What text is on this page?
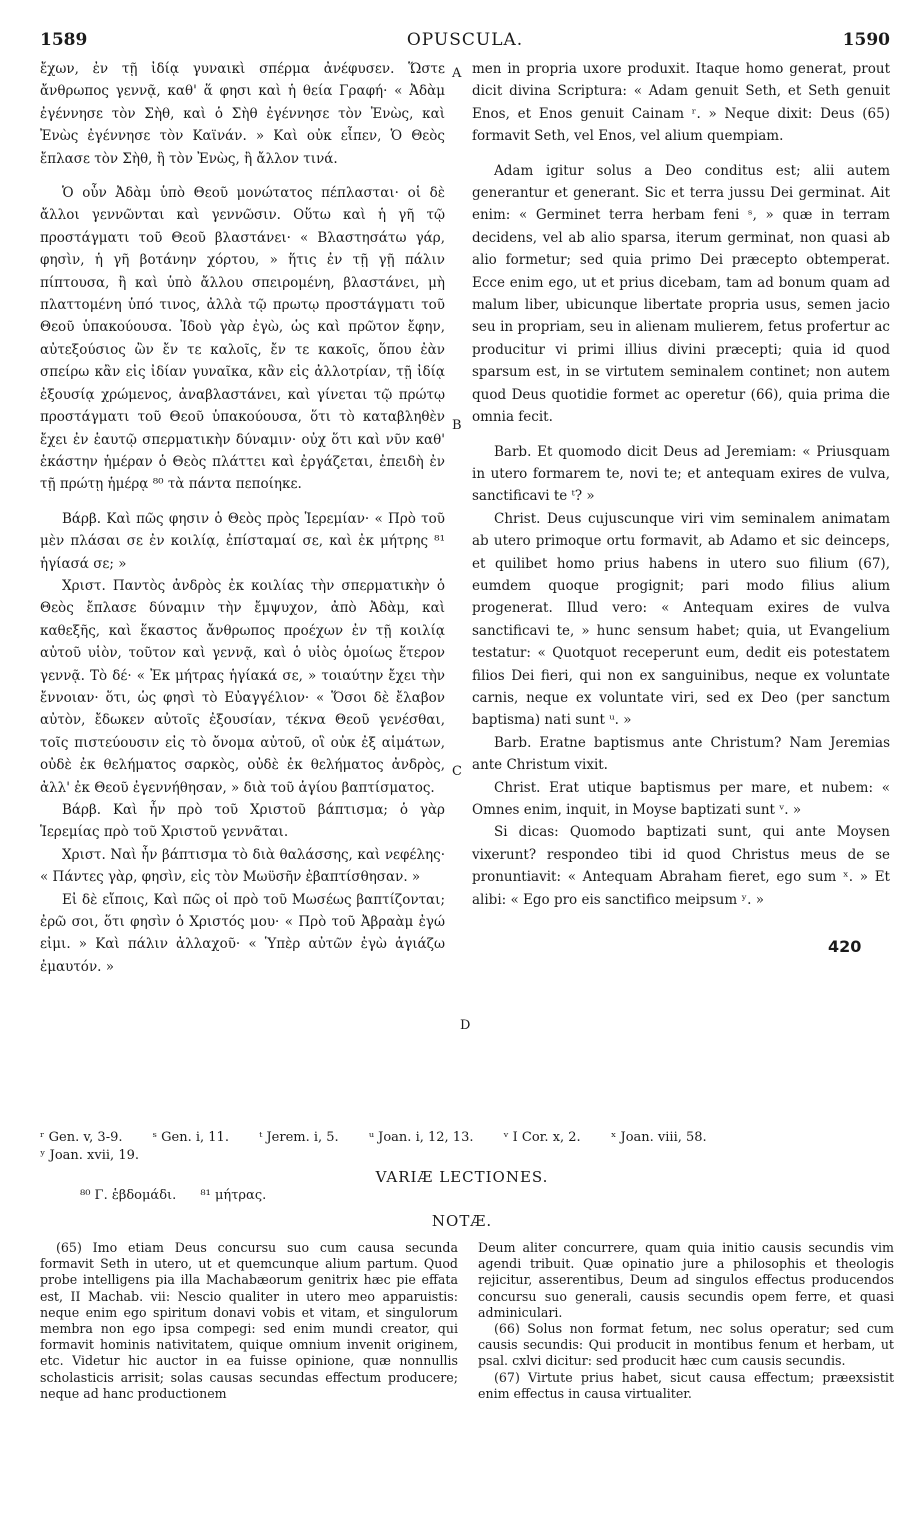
1589	OPUSCULA.	1590

ἔχων, ἐν τῇ ἰδίᾳ γυναικὶ σπέρμα ἀνέφυσεν. Ὥστε ἄνθρωπος γεννᾷ, καθ' ἅ φησι καὶ ἡ θεία Γραφή· « Ἀδὰμ ἐγέννησε τὸν Σὴθ, καὶ ὁ Σὴθ ἐγέννησε τὸν Ἐνὼς, καὶ Ἐνὼς ἐγέννησε τὸν Καϊνάν. » Καὶ οὐκ εἶπεν, Ὁ Θεὸς ἔπλασε τὸν Σὴθ, ἢ τὸν Ἐνὼς, ἢ ἄλλον τινά.

Ὁ οὖν Ἀδὰμ ὑπὸ Θεοῦ μονώτατος πέπλασται· οἱ δὲ ἄλλοι γεννῶνται καὶ γεννῶσιν. Οὕτω καὶ ἡ γῆ τῷ προστάγματι τοῦ Θεοῦ βλαστάνει· « Βλαστησάτω γάρ, φησὶν, ἡ γῆ βοτάνην χόρτου, » ἥτις ἐν τῇ γῇ πάλιν πίπτουσα, ἢ καὶ ὑπὸ ἄλλου σπειρομένη, βλαστάνει, μὴ πλαττομένη ὑπό τινος, ἀλλὰ τῷ πρωτῳ προστάγματι τοῦ Θεοῦ ὑπακούουσα. Ἰδοὺ γὰρ ἐγὼ, ὡς καὶ πρῶτον ἔφην, αὐτεξούσιος ὢν ἔν τε καλοῖς, ἔν τε κακοῖς, ὅπου ἐὰν σπείρω κἂν εἰς ἰδίαν γυναῖκα, κἂν εἰς ἀλλοτρίαν, τῇ ἰδίᾳ ἐξουσίᾳ χρώμενος, ἀναβλαστάνει, καὶ γίνεται τῷ πρώτῳ προστάγματι τοῦ Θεοῦ ὑπακούουσα, ὅτι τὸ καταβληθὲν ἔχει ἐν ἑαυτῷ σπερματικὴν δύναμιν· οὐχ ὅτι καὶ νῦν καθ' ἑκάστην ἡμέραν ὁ Θεὸς πλάττει καὶ ἐργάζεται, ἐπειδὴ ἐν τῇ πρώτῃ ἡμέρᾳ ⁸⁰ τὰ πάντα πεποίηκε.

Βάρβ. Καὶ πῶς φησιν ὁ Θεὸς πρὸς Ἱερεμίαν· « Πρὸ τοῦ μὲν πλάσαι σε ἐν κοιλίᾳ, ἐπίσταμαί σε, καὶ ἐκ μήτρης ⁸¹ ἡγίασά σε; »

Χριστ. Παντὸς ἀνδρὸς ἐκ κοιλίας τὴν σπερματικὴν ὁ Θεὸς ἔπλασε δύναμιν τὴν ἔμψυχον, ἀπὸ Ἀδὰμ, καὶ καθεξῆς, καὶ ἕκαστος ἄνθρωπος προέχων ἐν τῇ κοιλίᾳ αὐτοῦ υἱὸν, τοῦτον καὶ γεννᾷ, καὶ ὁ υἱὸς ὁμοίως ἕτερον γεννᾷ. Τὸ δέ· « Ἐκ μήτρας ἡγίακά σε, » τοιαύτην ἔχει τὴν ἔννοιαν· ὅτι, ὡς φησὶ τὸ Εὐαγγέλιον· « Ὅσοι δὲ ἔλαβον αὐτὸν, ἔδωκεν αὐτοῖς ἐξουσίαν, τέκνα Θεοῦ γενέσθαι, τοῖς πιστεύουσιν εἰς τὸ ὄνομα αὐτοῦ, οἳ οὐκ ἐξ αἱμάτων, οὐδὲ ἐκ θελήματος σαρκὸς, οὐδὲ ἐκ θελήματος ἀνδρὸς, ἀλλ' ἐκ Θεοῦ ἐγεννήθησαν, » διὰ τοῦ ἁγίου βαπτίσματος.

Βάρβ. Καὶ ἦν πρὸ τοῦ Χριστοῦ βάπτισμα; ὁ γὰρ Ἱερεμίας πρὸ τοῦ Χριστοῦ γεννᾶται.

Χριστ. Ναὶ ἦν βάπτισμα τὸ διὰ θαλάσσης, καὶ νεφέλης· « Πάντες γὰρ, φησὶν, εἰς τὸν Μωϋσῆν ἐβαπτίσθησαν. »

Εἰ δὲ εἴποις, Καὶ πῶς οἱ πρὸ τοῦ Μωσέως βαπτίζονται; ἐρῶ σοι, ὅτι φησὶν ὁ Χριστός μου· « Πρὸ τοῦ Ἀβραὰμ ἐγώ εἰμι. » Καὶ πάλιν ἀλλαχοῦ· « Ὑπὲρ αὐτῶν ἐγὼ ἁγιάζω ἐμαυτόν. »

A
B
C
D

men in propria uxore produxit. Itaque homo generat, prout dicit divina Scriptura: « Adam genuit Seth, et Seth genuit Enos, et Enos genuit Cainam ʳ. » Neque dixit: Deus (65) formavit Seth, vel Enos, vel alium quempiam.

Adam igitur solus a Deo conditus est; alii autem generantur et generant. Sic et terra jussu Dei germinat. Ait enim: « Germinet terra herbam feni ˢ, » quæ in terram decidens, vel ab alio sparsa, iterum germinat, non quasi ab alio formetur; sed quia primo Dei præcepto obtemperat. Ecce enim ego, ut et prius dicebam, tam ad bonum quam ad malum liber, ubicunque libertate propria usus, semen jacio seu in propriam, seu in alienam mulierem, fetus profertur ac producitur vi primi illius divini præcepti; quia id quod sparsum est, in se virtutem seminalem continet; non autem quod Deus quotidie formet ac operetur (66), quia prima die omnia fecit.

Barb. Et quomodo dicit Deus ad Jeremiam: « Priusquam in utero formarem te, novi te; et antequam exires de vulva, sanctificavi te ᵗ? »

Christ. Deus cujuscunque viri vim seminalem animatam ab utero primoque ortu formavit, ab Adamo et sic deinceps, et quilibet homo prius habens in utero suo filium (67), eumdem quoque progignit; pari modo filius alium progenerat. Illud vero: « Antequam exires de vulva sanctificavi te, » hunc sensum habet; quia, ut Evangelium testatur: « Quotquot receperunt eum, dedit eis potestatem filios Dei fieri, qui non ex sanguinibus, neque ex voluntate carnis, neque ex voluntate viri, sed ex Deo (per sanctum baptisma) nati sunt ᵘ. »

Barb. Eratne baptismus ante Christum? Nam Jeremias ante Christum vixit.

Christ. Erat utique baptismus per mare, et nubem: « Omnes enim, inquit, in Moyse baptizati sunt ᵛ. »

Si dicas: Quomodo baptizati sunt, qui ante Moysen vixerunt? respondeo tibi id quod Christus meus de se pronuntiavit: « Antequam Abraham fieret, ego sum ˣ. » Et alibi: « Ego pro eis sanctifico meipsum ʸ. »

420
ʳ Gen. v, 3-9. ˢ Gen. i, 11. ᵗ Jerem. i, 5. ᵘ Joan. i, 12, 13. ᵛ I Cor. x, 2. ˣ Joan. viii, 58.
ʸ Joan. xvii, 19.
VARIÆ LECTIONES.
⁸⁰ Γ. ἑβδομάδι. ⁸¹ μήτρας.
NOTÆ.

(65) Imo etiam Deus concursu suo cum causa secunda formavit Seth in utero, ut et quemcunque alium partum. Quod probe intelligens pia illa Machabæorum genitrix hæc pie effata est, II Machab. vii: Nescio qualiter in utero meo apparuistis: neque enim ego spiritum donavi vobis et vitam, et singulorum membra non ego ipsa compegi: sed enim mundi creator, qui formavit hominis nativitatem, quique omnium invenit originem, etc. Videtur hic auctor in ea fuisse opinione, quæ nonnullis scholasticis arrisit; solas causas secundas effectum producere; neque ad hanc productionem

Deum aliter concurrere, quam quia initio causis secundis vim agendi tribuit. Quæ opinatio jure a philosophis et theologis rejicitur, asserentibus, Deum ad singulos effectus producendos concursu suo generali, causis secundis opem ferre, et quasi adminiculari.

(66) Solus non format fetum, nec solus operatur; sed cum causis secundis: Qui producit in montibus fenum et herbam, ut psal. cxlvi dicitur: sed producit hæc cum causis secundis.

(67) Virtute prius habet, sicut causa effectum; præexsistit enim effectus in causa virtualiter.
